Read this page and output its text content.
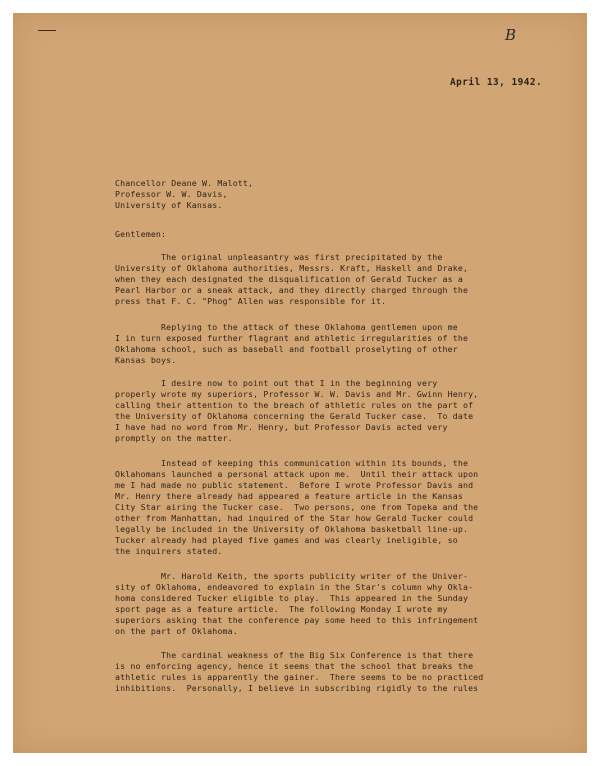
B
April 13, 1942.
Chancellor Deane W. Malott,
Professor W. W. Davis,
University of Kansas.
Gentlemen:
The original unpleasantry was first precipitated by the
University of Oklahoma authorities, Messrs. Kraft, Haskell and Drake,
when they each designated the disqualification of Gerald Tucker as a
Pearl Harbor or a sneak attack, and they directly charged through the
press that F. C. "Phog" Allen was responsible for it.
Replying to the attack of these Oklahoma gentlemen upon me
I in turn exposed further flagrant and athletic irregularities of the
Oklahoma school, such as baseball and football proselyting of other
Kansas boys.
I desire now to point out that I in the beginning very
properly wrote my superiors, Professor W. W. Davis and Mr. Gwinn Henry,
calling their attention to the breach of athletic rules on the part of
the University of Oklahoma concerning the Gerald Tucker case.  To date
I have had no word from Mr. Henry, but Professor Davis acted very
promptly on the matter.
Instead of keeping this communication within its bounds, the
Oklahomans launched a personal attack upon me.  Until their attack upon
me I had made no public statement.  Before I wrote Professor Davis and
Mr. Henry there already had appeared a feature article in the Kansas
City Star airing the Tucker case.  Two persons, one from Topeka and the
other from Manhattan, had inquired of the Star how Gerald Tucker could
legally be included in the University of Oklahoma basketball line-up.
Tucker already had played five games and was clearly ineligible, so
the inquirers stated.
Mr. Harold Keith, the sports publicity writer of the Univer-
sity of Oklahoma, endeavored to explain in the Star's column why Okla-
homa considered Tucker eligible to play.  This appeared in the Sunday
sport page as a feature article.  The following Monday I wrote my
superiors asking that the conference pay some heed to this infringement
on the part of Oklahoma.
The cardinal weakness of the Big Six Conference is that there
is no enforcing agency, hence it seems that the school that breaks the
athletic rules is apparently the gainer.  There seems to be no practiced
inhibitions.  Personally, I believe in subscribing rigidly to the rules
